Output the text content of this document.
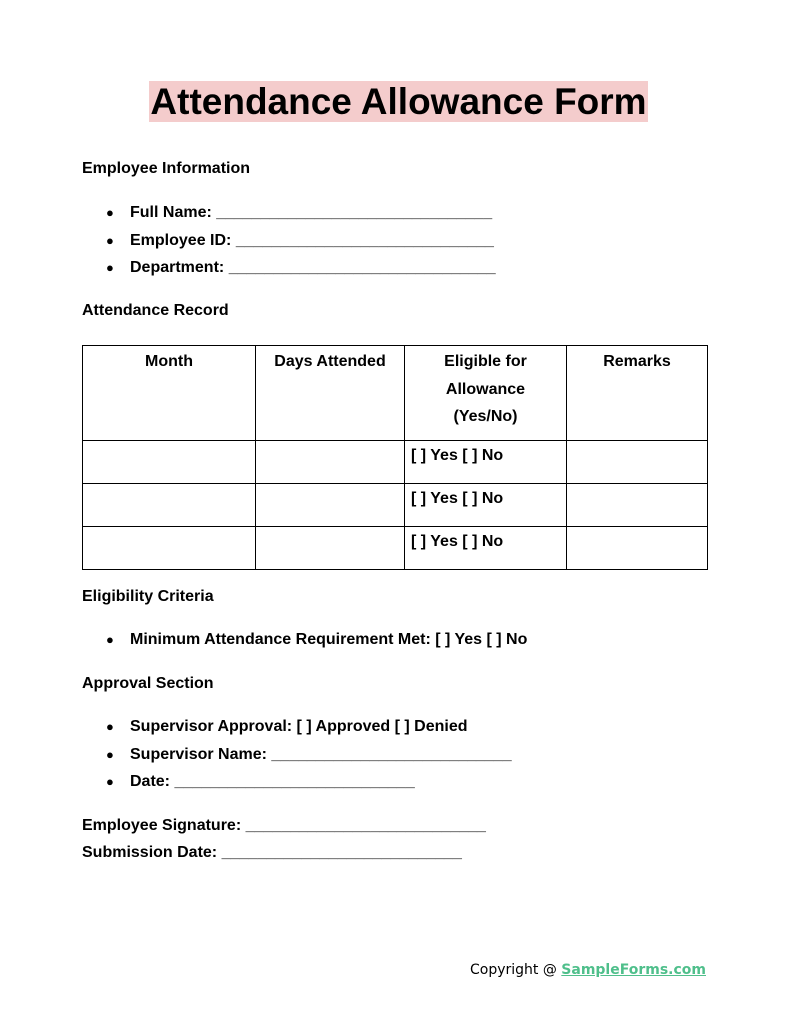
Attendance Allowance Form
Employee Information
● Full Name: _______________________________
● Employee ID: _____________________________
● Department: ______________________________
Attendance Record
Month	Days Attended	Eligible for Allowance (Yes/No)	Remarks
		[ ] Yes [ ] No	
		[ ] Yes [ ] No	
		[ ] Yes [ ] No	
Eligibility Criteria
● Minimum Attendance Requirement Met: [ ] Yes [ ] No
Approval Section
● Supervisor Approval: [ ] Approved [ ] Denied
● Supervisor Name: ___________________________
● Date: ___________________________
Employee Signature: ___________________________
Submission Date: ___________________________
Copyright @ SampleForms.com
